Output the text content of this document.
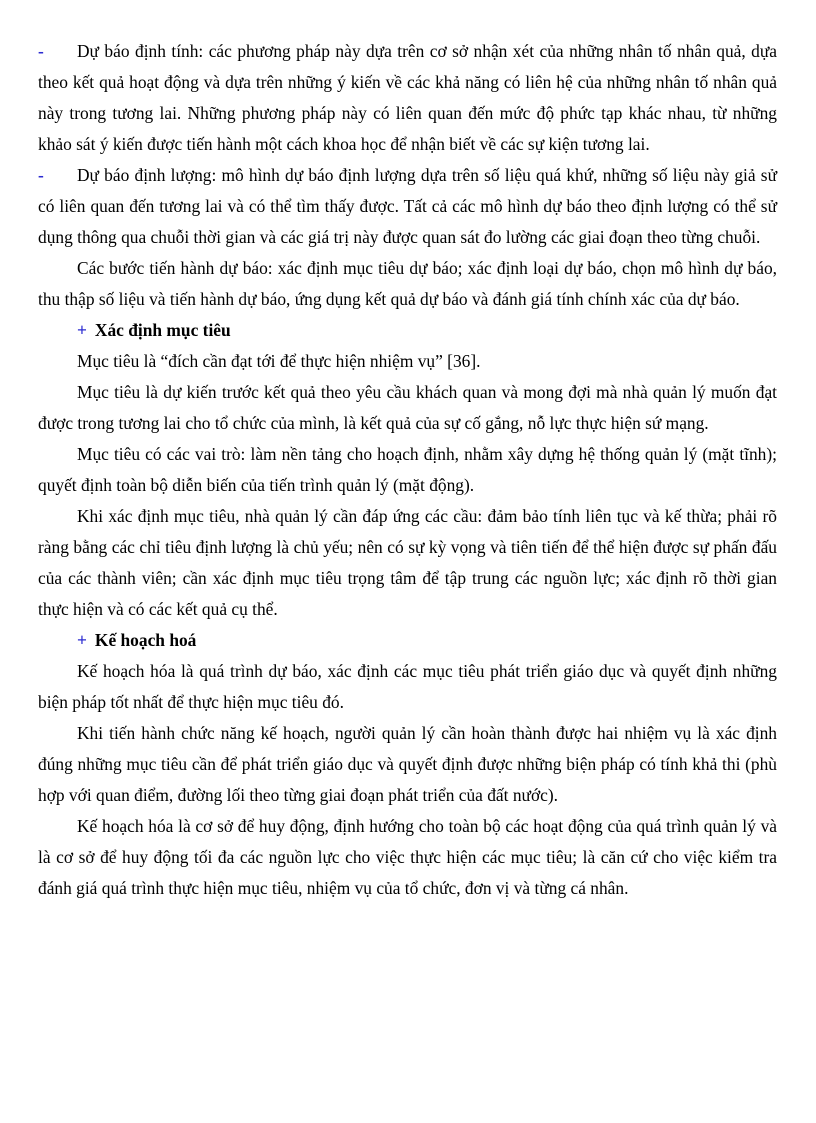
- Dự báo định tính: các phương pháp này dựa trên cơ sở nhận xét của những nhân tố nhân quả, dựa theo kết quả hoạt động và dựa trên những ý kiến về các khả năng có liên hệ của những nhân tố nhân quả này trong tương lai. Những phương pháp này có liên quan đến mức độ phức tạp khác nhau, từ những khảo sát ý kiến được tiến hành một cách khoa học để nhận biết về các sự kiện tương lai.

- Dự báo định lượng: mô hình dự báo định lượng dựa trên số liệu quá khứ, những số liệu này giả sử có liên quan đến tương lai và có thể tìm thấy được. Tất cả các mô hình dự báo theo định lượng có thể sử dụng thông qua chuỗi thời gian và các giá trị này được quan sát đo lường các giai đoạn theo từng chuỗi.

Các bước tiến hành dự báo: xác định mục tiêu dự báo; xác định loại dự báo, chọn mô hình dự báo, thu thập số liệu và tiến hành dự báo, ứng dụng kết quả dự báo và đánh giá tính chính xác của dự báo.

+ Xác định mục tiêu

Mục tiêu là “đích cần đạt tới để thực hiện nhiệm vụ” [36].

Mục tiêu là dự kiến trước kết quả theo yêu cầu khách quan và mong đợi mà nhà quản lý muốn đạt được trong tương lai cho tổ chức của mình, là kết quả của sự cố gắng, nỗ lực thực hiện sứ mạng.

Mục tiêu có các vai trò: làm nền tảng cho hoạch định, nhằm xây dựng hệ thống quản lý (mặt tĩnh); quyết định toàn bộ diễn biến của tiến trình quản lý (mặt động).

Khi xác định mục tiêu, nhà quản lý cần đáp ứng các cầu: đảm bảo tính liên tục và kế thừa; phải rõ ràng bằng các chỉ tiêu định lượng là chủ yếu; nên có sự kỳ vọng và tiên tiến để thể hiện được sự phấn đấu của các thành viên; cần xác định mục tiêu trọng tâm để tập trung các nguồn lực; xác định rõ thời gian thực hiện và có các kết quả cụ thể.

+ Kế hoạch hoá

Kế hoạch hóa là quá trình dự báo, xác định các mục tiêu phát triển giáo dục và quyết định những biện pháp tốt nhất để thực hiện mục tiêu đó.

Khi tiến hành chức năng kế hoạch, người quản lý cần hoàn thành được hai nhiệm vụ là xác định đúng những mục tiêu cần để phát triển giáo dục và quyết định được những biện pháp có tính khả thi (phù hợp với quan điểm, đường lối theo từng giai đoạn phát triển của đất nước).

Kế hoạch hóa là cơ sở để huy động, định hướng cho toàn bộ các hoạt động của quá trình quản lý và là cơ sở để huy động tối đa các nguồn lực cho việc thực hiện các mục tiêu; là căn cứ cho việc kiểm tra đánh giá quá trình thực hiện mục tiêu, nhiệm vụ của tổ chức, đơn vị và từng cá nhân.
